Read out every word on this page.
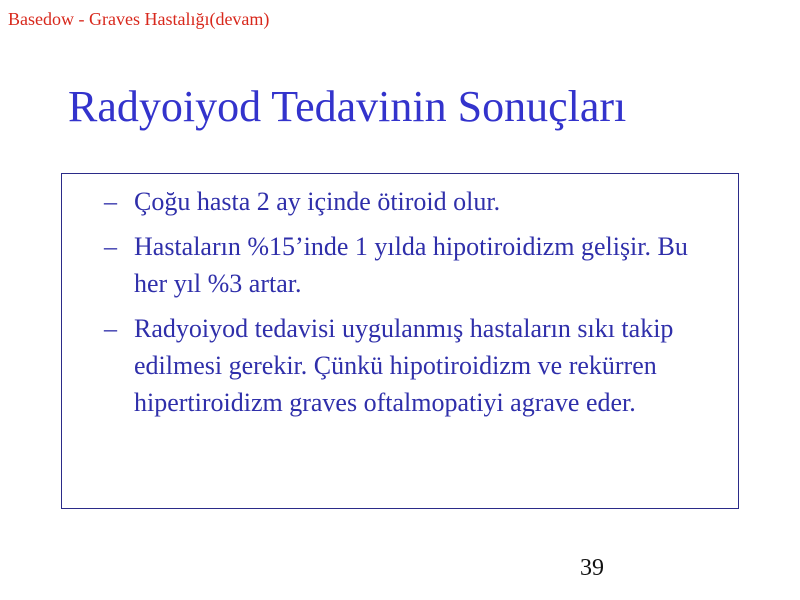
Basedow - Graves Hastalığı(devam)
Radyoiyod Tedavinin Sonuçları
– Çoğu hasta 2 ay içinde ötiroid olur.
– Hastaların %15’inde 1 yılda hipotiroidizm gelişir. Bu her yıl %3 artar.
– Radyoiyod tedavisi uygulanmış hastaların sıkı takip edilmesi gerekir. Çünkü hipotiroidizm ve rekürren hipertiroidizm graves oftalmopatiyi agrave eder.
39
